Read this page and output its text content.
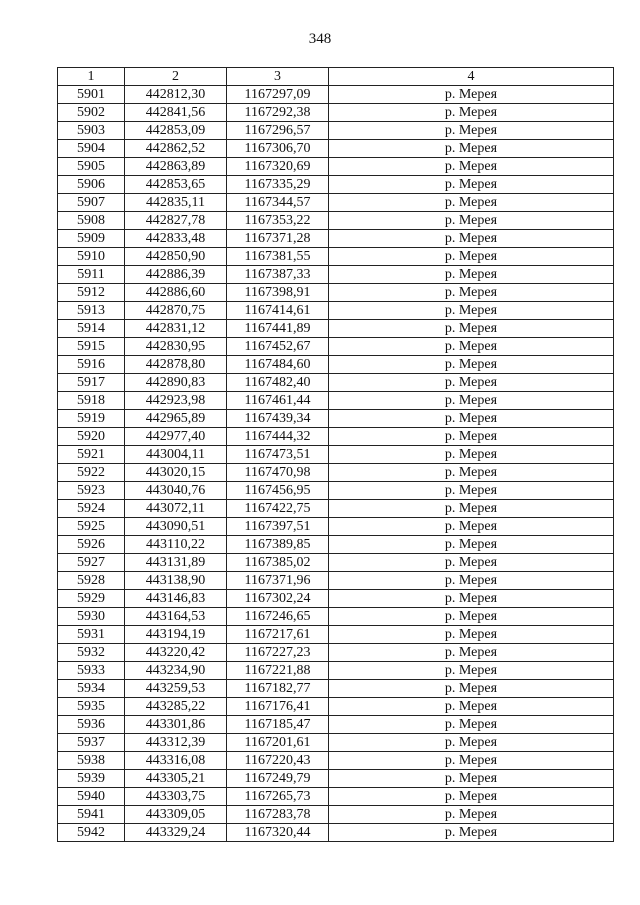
348
1	2	3	4
5901	442812,30	1167297,09	р. Мерея
5902	442841,56	1167292,38	р. Мерея
5903	442853,09	1167296,57	р. Мерея
5904	442862,52	1167306,70	р. Мерея
5905	442863,89	1167320,69	р. Мерея
5906	442853,65	1167335,29	р. Мерея
5907	442835,11	1167344,57	р. Мерея
5908	442827,78	1167353,22	р. Мерея
5909	442833,48	1167371,28	р. Мерея
5910	442850,90	1167381,55	р. Мерея
5911	442886,39	1167387,33	р. Мерея
5912	442886,60	1167398,91	р. Мерея
5913	442870,75	1167414,61	р. Мерея
5914	442831,12	1167441,89	р. Мерея
5915	442830,95	1167452,67	р. Мерея
5916	442878,80	1167484,60	р. Мерея
5917	442890,83	1167482,40	р. Мерея
5918	442923,98	1167461,44	р. Мерея
5919	442965,89	1167439,34	р. Мерея
5920	442977,40	1167444,32	р. Мерея
5921	443004,11	1167473,51	р. Мерея
5922	443020,15	1167470,98	р. Мерея
5923	443040,76	1167456,95	р. Мерея
5924	443072,11	1167422,75	р. Мерея
5925	443090,51	1167397,51	р. Мерея
5926	443110,22	1167389,85	р. Мерея
5927	443131,89	1167385,02	р. Мерея
5928	443138,90	1167371,96	р. Мерея
5929	443146,83	1167302,24	р. Мерея
5930	443164,53	1167246,65	р. Мерея
5931	443194,19	1167217,61	р. Мерея
5932	443220,42	1167227,23	р. Мерея
5933	443234,90	1167221,88	р. Мерея
5934	443259,53	1167182,77	р. Мерея
5935	443285,22	1167176,41	р. Мерея
5936	443301,86	1167185,47	р. Мерея
5937	443312,39	1167201,61	р. Мерея
5938	443316,08	1167220,43	р. Мерея
5939	443305,21	1167249,79	р. Мерея
5940	443303,75	1167265,73	р. Мерея
5941	443309,05	1167283,78	р. Мерея
5942	443329,24	1167320,44	р. Мерея
